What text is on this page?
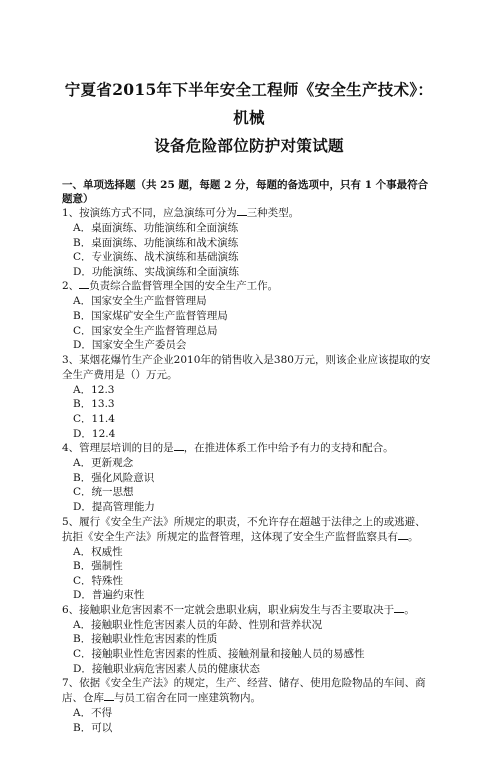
宁夏省2015年下半年安全工程师《安全生产技术》：机械
设备危险部位防护对策试题
一、单项选择题（共 25 题，每题 2 分，每题的备选项中，只有 1 个事最符合题意）
1、按演练方式不同，应急演练可分为 三种类型。
A．桌面演练、功能演练和全面演练
B．桌面演练、功能演练和战术演练
C．专业演练、战术演练和基础演练
D．功能演练、实战演练和全面演练
2、 负责综合监督管理全国的安全生产工作。
A．国家安全生产监督管理局
B．国家煤矿安全生产监督管理局
C．国家安全生产监督管理总局
D．国家安全生产委员会
3、某烟花爆竹生产企业2010年的销售收入是380万元，则该企业应该提取的安全生产费用是（）万元。
A．12.3
B．13.3
C．11.4
D．12.4
4、管理层培训的目的是 ，在推进体系工作中给予有力的支持和配合。
A．更新观念
B．强化风险意识
C．统一思想
D．提高管理能力
5、履行《安全生产法》所规定的职责，不允许存在超越于法律之上的或逃避、抗拒《安全生产法》所规定的监督管理，这体现了安全生产监督监察具有 。
A．权威性
B．强制性
C．特殊性
D．普遍约束性
6、接触职业危害因素不一定就会患职业病，职业病发生与否主要取决于 。
A．接触职业性危害因素人员的年龄、性别和营养状况
B．接触职业性危害因素的性质
C．接触职业性危害因素的性质、接触剂量和接触人员的易感性
D．接触职业病危害因素人员的健康状态
7、依据《安全生产法》的规定，生产、经营、储存、使用危险物品的车间、商店、仓库 与员工宿舍在同一座建筑物内。
A．不得
B．可以
